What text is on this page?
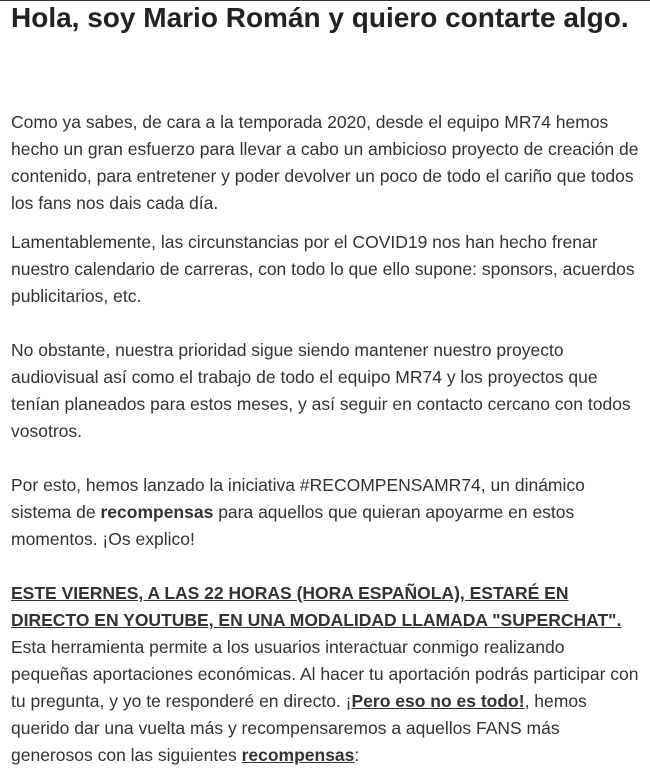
Hola, soy Mario Román y quiero contarte algo.

Como ya sabes, de cara a la temporada 2020, desde el equipo MR74 hemos hecho un gran esfuerzo para llevar a cabo un ambicioso proyecto de creación de contenido, para entretener y poder devolver un poco de todo el cariño que todos los fans nos dais cada día.

Lamentablemente, las circunstancias por el COVID19 nos han hecho frenar nuestro calendario de carreras, con todo lo que ello supone: sponsors, acuerdos publicitarios, etc.

No obstante, nuestra prioridad sigue siendo mantener nuestro proyecto audiovisual así como el trabajo de todo el equipo MR74 y los proyectos que tenían planeados para estos meses, y así seguir en contacto cercano con todos vosotros.

Por esto, hemos lanzado la iniciativa #RECOMPENSAMR74, un dinámico sistema de recompensas para aquellos que quieran apoyarme en estos momentos. ¡Os explico!

ESTE VIERNES, A LAS 22 HORAS (HORA ESPAÑOLA), ESTARÉ EN DIRECTO EN YOUTUBE, EN UNA MODALIDAD LLAMADA "SUPERCHAT". Esta herramienta permite a los usuarios interactuar conmigo realizando pequeñas aportaciones económicas. Al hacer tu aportación podrás participar con tu pregunta, y yo te responderé en directo. ¡Pero eso no es todo!, hemos querido dar una vuelta más y recompensaremos a aquellos FANS más generosos con las siguientes recompensas:
